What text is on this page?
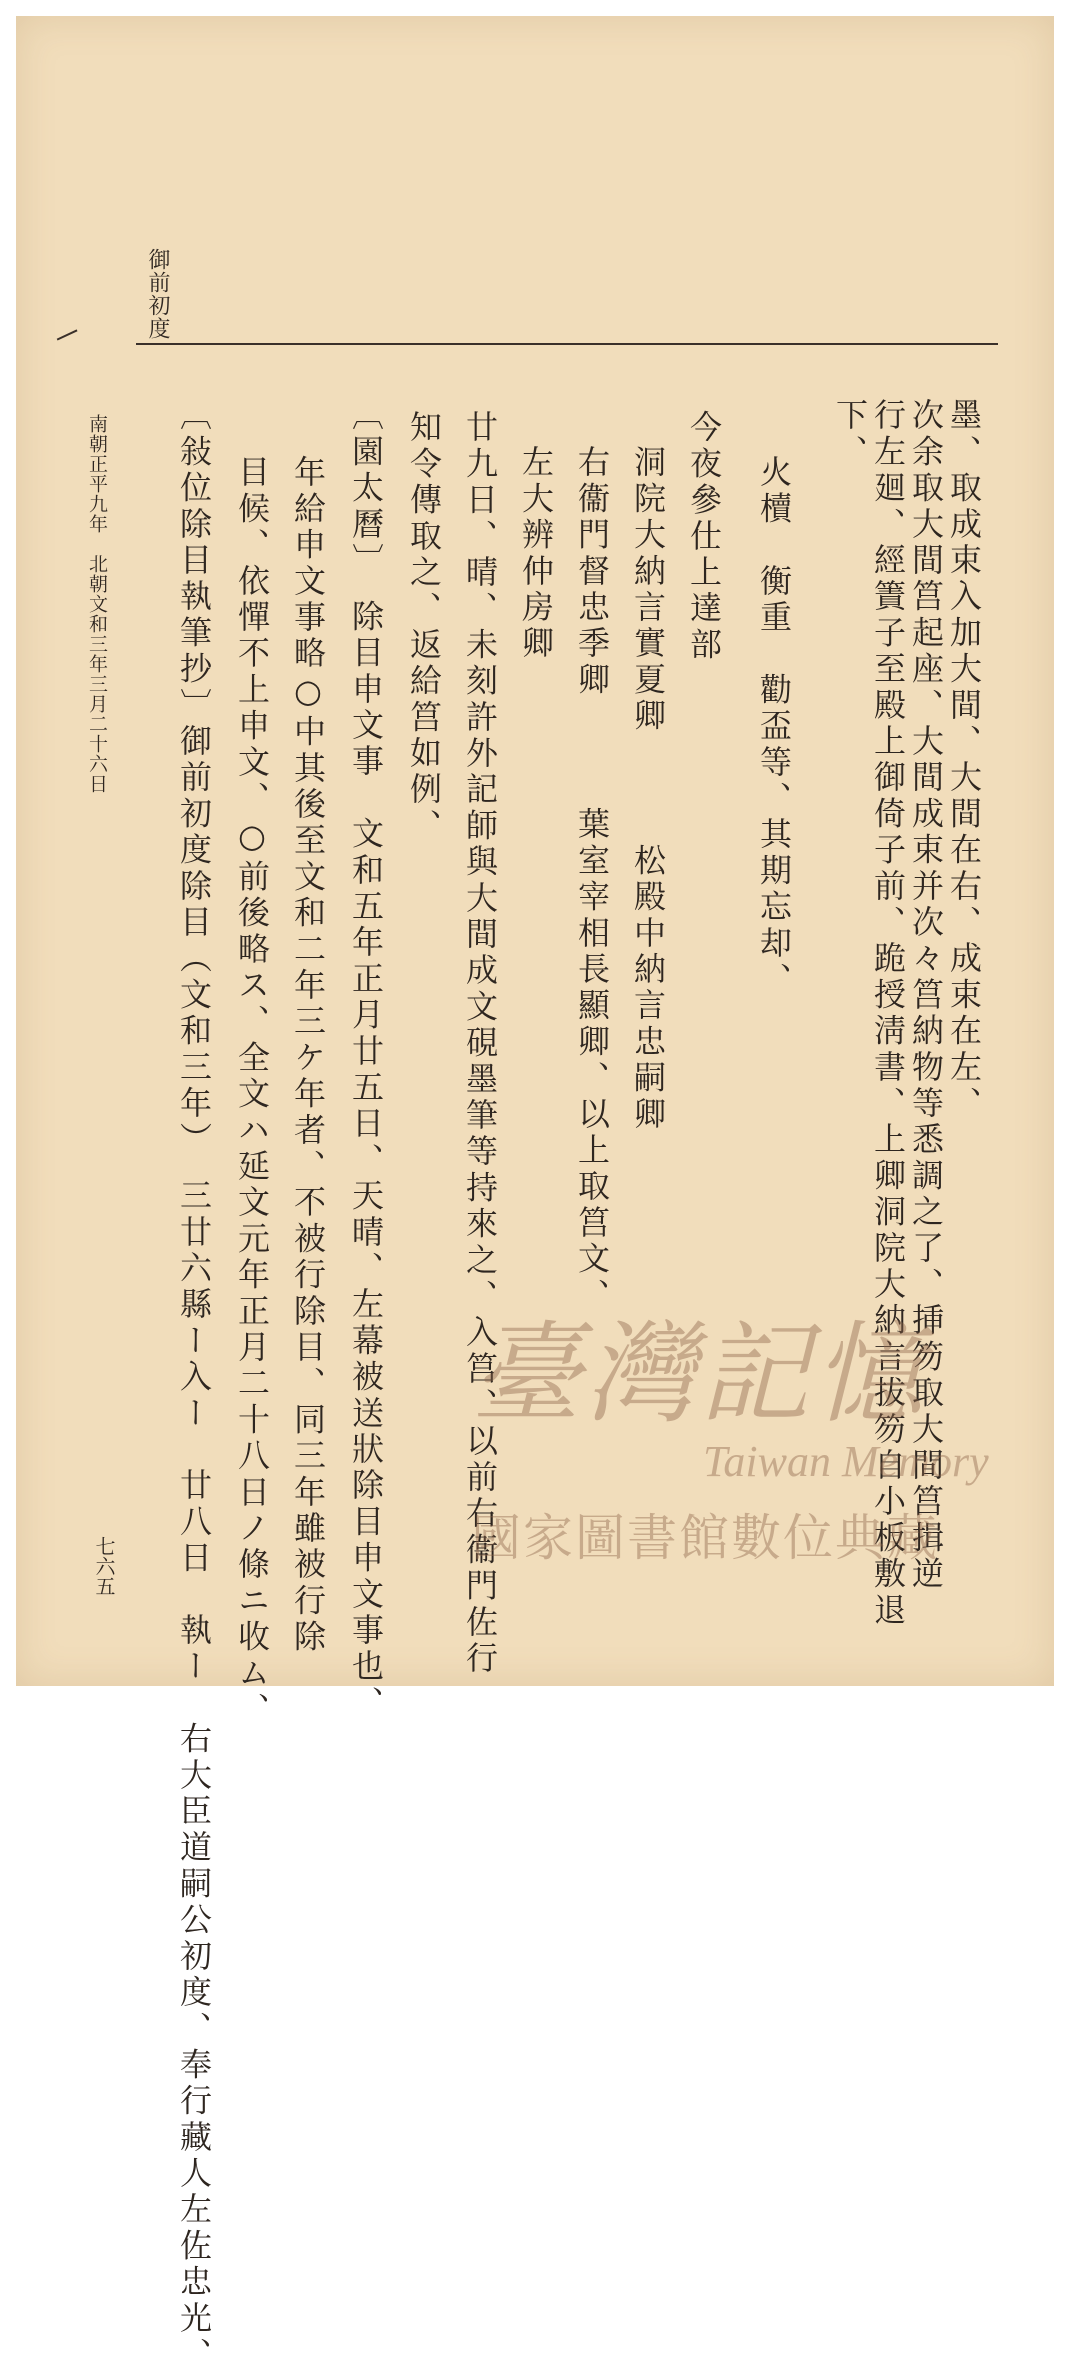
御前初度
墨、取成束入加大間、大間在右、成束在左、
次余取大間筥起座、大間成束并次々筥納物等悉調之了、挿笏取大間筥揖逆
行左廻、經簀子至殿上御倚子前、跪授淸書、上卿洞院大納言拔笏自小板敷退
下、
火櫝　衡重　勸盃等、其期忘却、
今夜參仕上達部
洞院大納言實夏卿　　　松殿中納言忠嗣卿
右衞門督忠季卿　　　葉室宰相長顯卿、以上取筥文、
左大辨仲房卿
廿九日、晴、未刻許外記師與大間成文硯墨筆等持來之、入筥、以前右衞門佐行
知令傳取之、返給筥如例、
〔園太曆〕　除目申文事　文和五年正月廿五日、天晴、左幕被送狀除目申文事也、
年給申文事略○中其後至文和二年三ケ年者、不被行除目、同三年雖被行除
目候、依憚不上申文、○前後略ス、全文ハ延文元年正月二十八日ノ條ニ收ム、
〔敍位除目執筆抄〕御前初度除目（文和三年）　三廿六縣ー入ー　廿八日　執ー　右大臣道嗣公初度、奉行藏人左佐忠光、
南朝正平九年　北朝文和三年三月二十六日
七六五
臺灣記憶
Taiwan Memory
國家圖書館數位典藏
